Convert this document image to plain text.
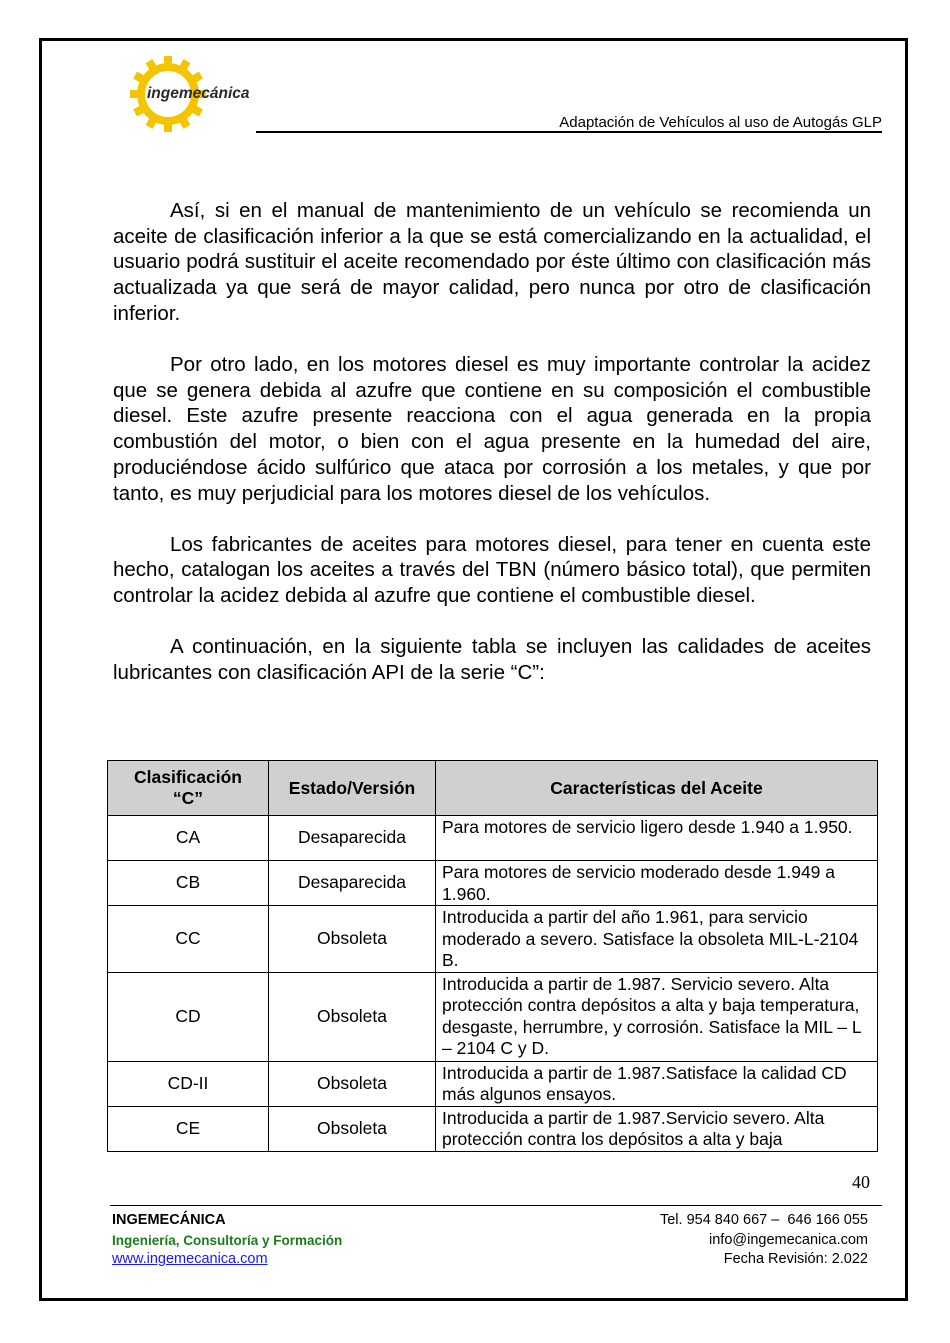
ingemecánica
Adaptación de Vehículos al uso de Autogás GLP

Así, si en el manual de mantenimiento de un vehículo se recomienda un aceite de clasificación inferior a la que se está comercializando en la actualidad, el usuario podrá sustituir el aceite recomendado por éste último con clasificación más actualizada ya que será de mayor calidad, pero nunca por otro de clasificación inferior.

Por otro lado, en los motores diesel es muy importante controlar la acidez que se genera debida al azufre que contiene en su composición el combustible diesel. Este azufre presente reacciona con el agua generada en la propia combustión del motor, o bien con el agua presente en la humedad del aire, produciéndose ácido sulfúrico que ataca por corrosión a los metales, y que por tanto, es muy perjudicial para los motores diesel de los vehículos.

Los fabricantes de aceites para motores diesel, para tener en cuenta este hecho, catalogan los aceites a través del TBN (número básico total), que permiten controlar la acidez debida al azufre que contiene el combustible diesel.

A continuación, en la siguiente tabla se incluyen las calidades de aceites lubricantes con clasificación API de la serie “C”:

Clasificación “C”	Estado/Versión	Características del Aceite
CA	Desaparecida	Para motores de servicio ligero desde 1.940 a 1.950.
CB	Desaparecida	Para motores de servicio moderado desde 1.949 a 1.960.
CC	Obsoleta	Introducida a partir del año 1.961, para servicio moderado a severo. Satisface la obsoleta MIL-L-2104 B.
CD	Obsoleta	Introducida a partir de 1.987. Servicio severo. Alta protección contra depósitos a alta y baja temperatura, desgaste, herrumbre, y corrosión. Satisface la MIL – L – 2104 C y D.
CD-II	Obsoleta	Introducida a partir de 1.987.Satisface la calidad CD más algunos ensayos.
CE	Obsoleta	Introducida a partir de 1.987.Servicio severo. Alta protección contra los depósitos a alta y baja
40
INGEMECÁNICA
Ingeniería, Consultoría y Formación
www.ingemecanica.com
Tel. 954 840 667 –  646 166 055
info@ingemecanica.com
Fecha Revisión: 2.022
